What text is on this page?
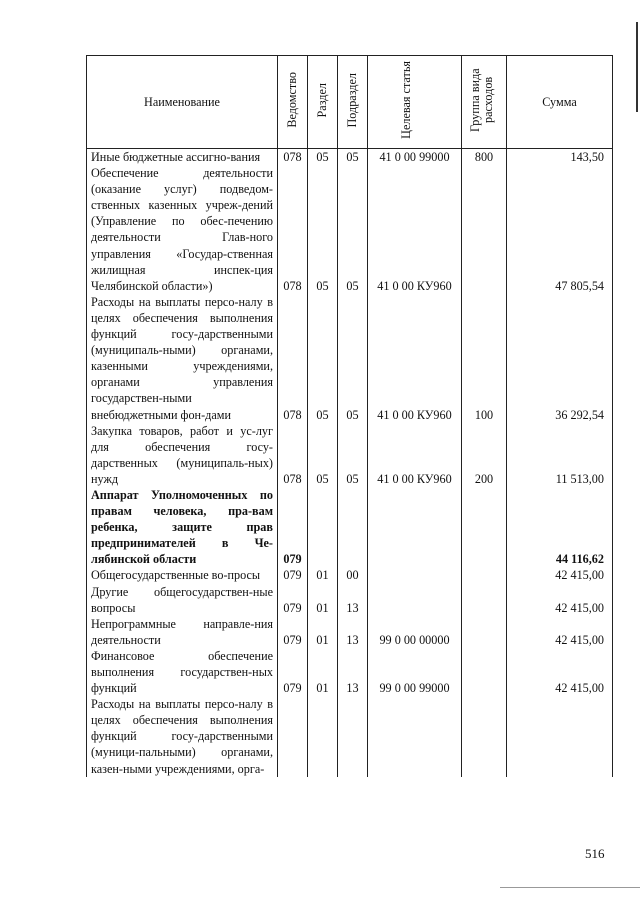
Наименование	Ведомство	Раздел	Подраздел	Целевая статья	Группа вида расходов	Сумма
Иные бюджетные ассигно-вания	078	05	05	41 0 00 99000	800	143,50
Обеспечение деятельности (оказание услуг) подведом-ственных казенных учреж-дений (Управление по обес-печению деятельности Глав-ного управления «Государ-ственная жилищная инспек-ция Челябинской области»)	078	05	05	41 0 00 КУ960		47 805,54
Расходы на выплаты персо-налу в целях обеспечения выполнения функций госу-дарственными (муниципаль-ными) органами, казенными учреждениями, органами управления государствен-ными внебюджетными фон-дами	078	05	05	41 0 00 КУ960	100	36 292,54
Закупка товаров, работ и ус-луг для обеспечения госу-дарственных (муниципаль-ных) нужд	078	05	05	41 0 00 КУ960	200	11 513,00
Аппарат Уполномоченных по правам человека, пра-вам ребенка, защите прав предпринимателей в Че-лябинской области	079					44 116,62
Общегосударственные во-просы	079	01	00			42 415,00
Другие общегосударствен-ные вопросы	079	01	13			42 415,00
Непрограммные направле-ния деятельности	079	01	13	99 0 00 00000		42 415,00
Финансовое обеспечение выполнения государствен-ных функций	079	01	13	99 0 00 99000		42 415,00
Расходы на выплаты персо-налу в целях обеспечения выполнения функций госу-дарственными (муници-пальными) органами, казен-ными учреждениями, орга-						
516
